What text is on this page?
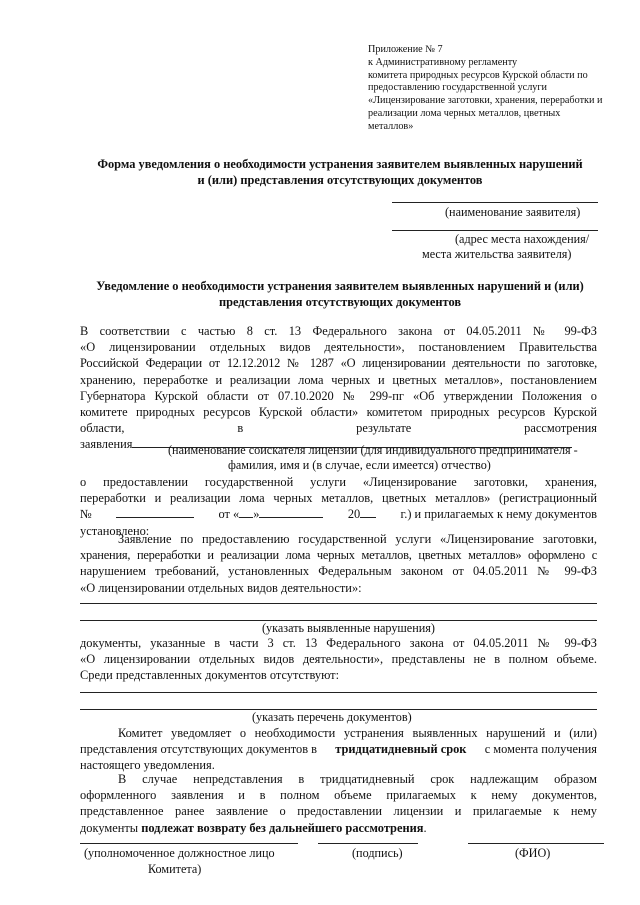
Приложение № 7
к Административному регламенту
комитета природных ресурсов Курской области по
предоставлению государственной услуги
«Лицензирование заготовки, хранения, переработки и
реализации лома черных металлов, цветных
металлов»
Форма уведомления о необходимости устранения заявителем выявленных нарушений
и (или) представления отсутствующих документов
(наименование заявителя)
(адрес места нахождения/
места жительства заявителя)
Уведомление о необходимости устранения заявителем выявленных нарушений и (или)
представления отсутствующих документов
В соответствии с частью 8 ст. 13 Федерального закона от 04.05.2011 № 99-ФЗ
«О лицензировании отдельных видов деятельности», постановлением Правительства
Российской Федерации от 12.12.2012 № 1287 «О лицензировании деятельности по заготовке,
хранению, переработке и реализации лома черных и цветных металлов», постановлением
Губернатора Курской области от 07.10.2020 № 299-пг «Об утверждении Положения о
комитете природных ресурсов Курской области» комитетом природных ресурсов Курской
области,	в	результате	рассмотрения
заявления	(наименование соискателя лицензии (для индивидуального предпринимателя -
фамилия, имя и (в случае, если имеется) отчество)
о предоставлении государственной услуги «Лицензирование заготовки, хранения,
переработки и реализации лома черных металлов, цветных металлов» (регистрационный
№	от « »	20	г.) и прилагаемых к нему документов
установлено:
Заявление по предоставлению государственной услуги «Лицензирование заготовки,
хранения, переработки и реализации лома черных металлов, цветных металлов» оформлено с
нарушением требований, установленных Федеральным законом от 04.05.2011 № 99-ФЗ
«О лицензировании отдельных видов деятельности»:
(указать выявленные нарушения)
документы, указанные в части 3 ст. 13 Федерального закона от 04.05.2011 № 99-ФЗ
«О лицензировании отдельных видов деятельности», представлены не в полном объеме.
Среди представленных документов отсутствуют:
(указать перечень документов)
Комитет уведомляет о необходимости устранения выявленных нарушений и (или)
представления отсутствующих документов в тридцатидневный срок с момента получения
настоящего уведомления.
В случае непредставления в тридцатидневный срок надлежащим образом
оформленного заявления и в полном объеме прилагаемых к нему документов,
представленное ранее заявление о предоставлении лицензии и прилагаемые к нему
документы подлежат возврату без дальнейшего рассмотрения.
(уполномоченное должностное лицо
Комитета)
(подпись)	(ФИО)
